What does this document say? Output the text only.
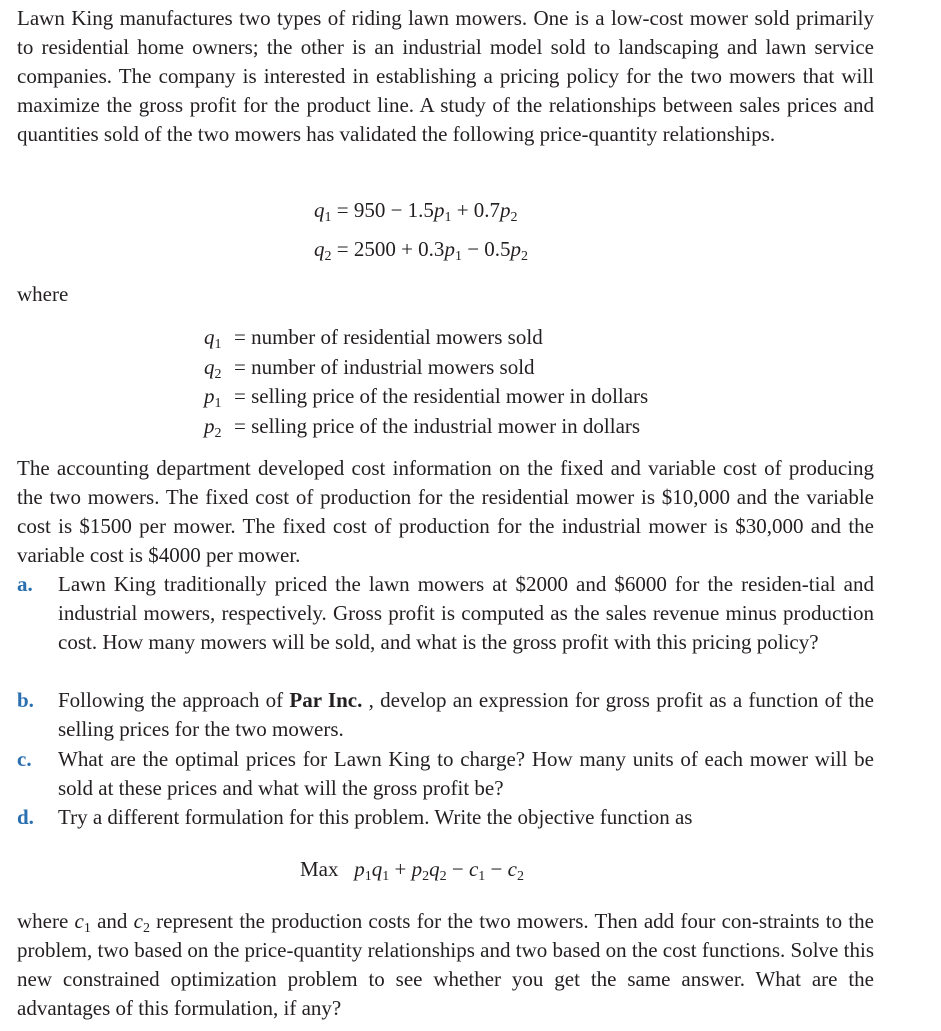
Lawn King manufactures two types of riding lawn mowers. One is a low-cost mower sold primarily to residential home owners; the other is an industrial model sold to landscaping and lawn service companies. The company is interested in establishing a pricing policy for the two mowers that will maximize the gross profit for the product line. A study of the relationships between sales prices and quantities sold of the two mowers has validated the following price-quantity relationships.

$q_1 = 950 - 1.5p_1 + 0.7p_2$
$q_2 = 2500 + 0.3p_1 - 0.5p_2$
where
$q_1$ = number of residential mowers sold
$q_2$ = number of industrial mowers sold
$p_1$ = selling price of the residential mower in dollars
$p_2$ = selling price of the industrial mower in dollars

The accounting department developed cost information on the fixed and variable cost of producing the two mowers. The fixed cost of production for the residential mower is $10,000 and the variable cost is $1500 per mower. The fixed cost of production for the industrial mower is $30,000 and the variable cost is $4000 per mower.

a. Lawn King traditionally priced the lawn mowers at $2000 and $6000 for the residen-tial and industrial mowers, respectively. Gross profit is computed as the sales revenue minus production cost. How many mowers will be sold, and what is the gross profit with this pricing policy?
b. Following the approach of Par Inc. , develop an expression for gross profit as a function of the selling prices for the two mowers.
c. What are the optimal prices for Lawn King to charge? How many units of each mower will be sold at these prices and what will the gross profit be?
d. Try a different formulation for this problem. Write the objective function as
Max $p_1q_1 + p_2q_2 - c_1 - c_2$

where $c_1$ and $c_2$ represent the production costs for the two mowers. Then add four con-straints to the problem, two based on the price-quantity relationships and two based on the cost functions. Solve this new constrained optimization problem to see whether you get the same answer. What are the advantages of this formulation, if any?
